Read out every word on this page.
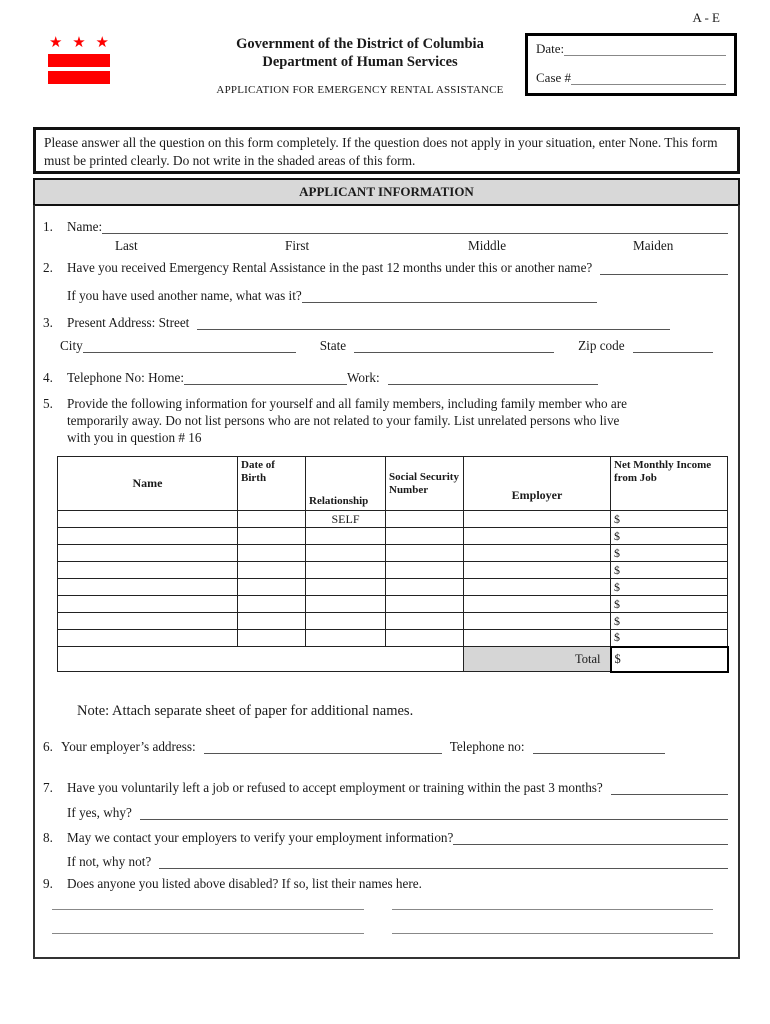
A - E
★ ★ ★	Government of the District of Columbia
Department of Human Services
APPLICATION FOR EMERGENCY RENTAL ASSISTANCE
Date:
Case #
Please answer all the question on this form completely. If the question does not apply in your situation, enter None. This form must be printed clearly. Do not write in the shaded areas of this form.
APPLICANT INFORMATION
1.	Name:
Last	First	Middle	Maiden
2.	Have you received Emergency Rental Assistance in the past 12 months under this or another name?
If you have used another name, what was it?
3.	Present Address: Street
City	State	Zip code
4.	Telephone No: Home:	Work:
5.	Provide the following information for yourself and all family members, including family member who are temporarily away. Do not list persons who are not related to your family. List unrelated persons who live with you in question # 16
Name	Date of Birth	Relationship	Social Security Number	Employer	Net Monthly Income from Job
		SELF			$
					$
					$
					$
					$
					$
					$
					$
				Total	$
Note: Attach separate sheet of paper for additional names.
6. Your employer’s address:	Telephone no:
7.	Have you voluntarily left a job or refused to accept employment or training within the past 3 months?
If yes, why?
8.	May we contact your employers to verify your employment information?
If not, why not?
9.	Does anyone you listed above disabled? If so, list their names here.
